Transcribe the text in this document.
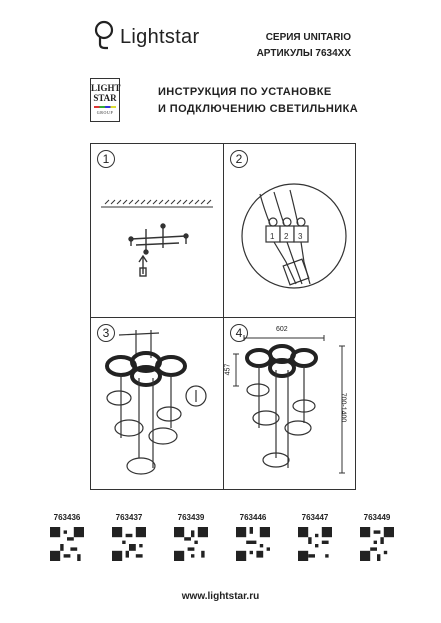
Lightstar	СЕРИЯ UNITARIO
АРТИКУЛЫ 7634XX
LIGHT
STAR
GROUP
ИНСТРУКЦИЯ ПО УСТАНОВКЕ
И ПОДКЛЮЧЕНИЮ СВЕТИЛЬНИКА
1	2
1 2 3
3	4	602
457
700-1400
763436	763437	763439	763446	763447	763449
www.lightstar.ru
